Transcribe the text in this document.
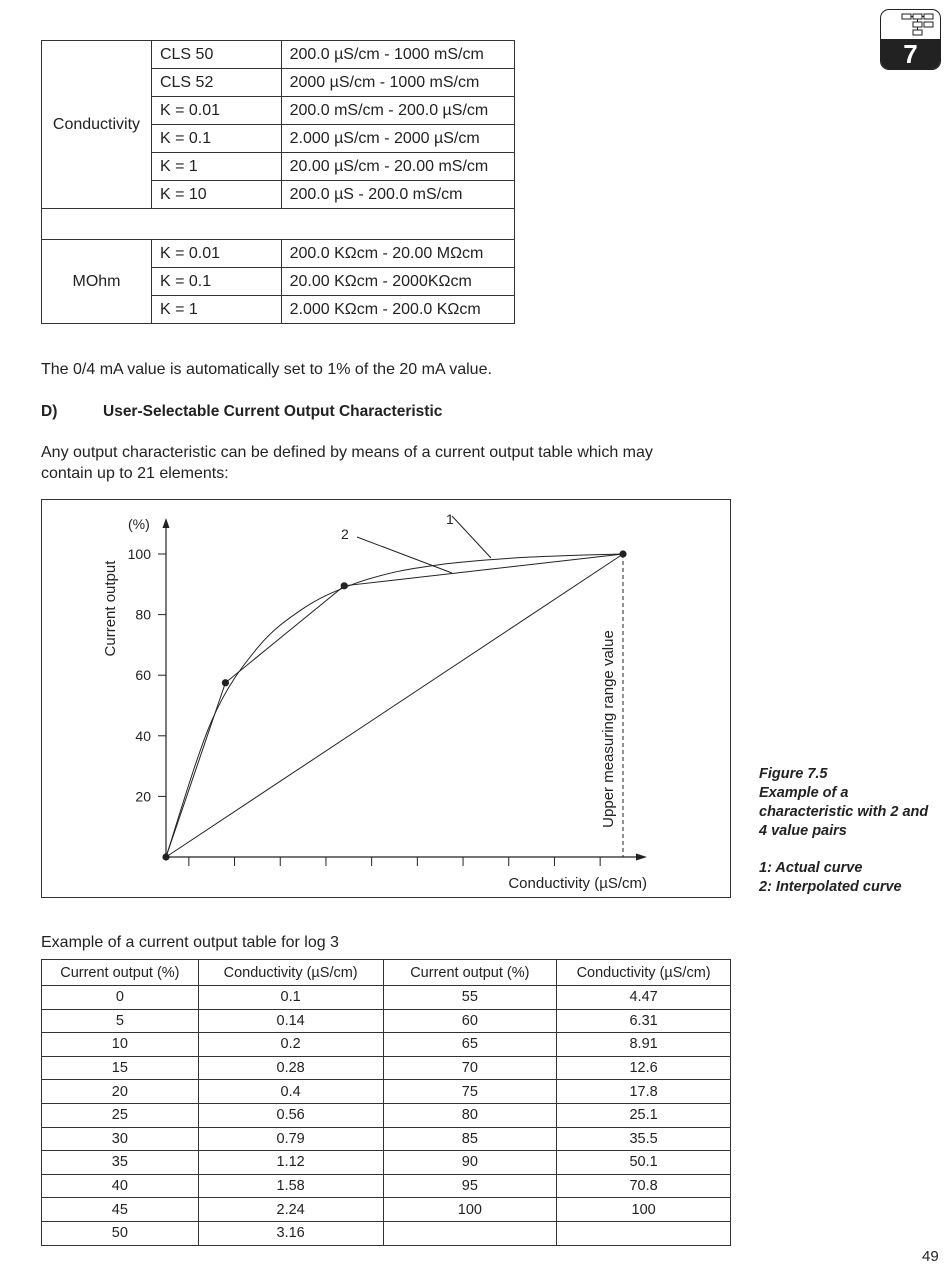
7
Conductivity	CLS 50	200.0 µS/cm - 1000 mS/cm
	CLS 52	2000 µS/cm - 1000 mS/cm
	K = 0.01	200.0 mS/cm - 200.0 µS/cm
	K = 0.1	2.000 µS/cm - 2000 µS/cm
	K = 1	20.00 µS/cm - 20.00 mS/cm
	K = 10	200.0 µS - 200.0 mS/cm

MOhm	K = 0.01	200.0 KΩcm - 20.00 MΩcm
	K = 0.1	20.00 KΩcm - 2000KΩcm
	K = 1	2.000 KΩcm - 200.0 KΩcm
The 0/4 mA value is automatically set to 1% of the 20 mA value.
D)	User-Selectable Current Output Characteristic
Any output characteristic can be defined by means of a current output table which may
contain up to 21 elements:
20
40
60
80
100
(%)
Current output
Conductivity (µS/cm)
Upper measuring range value
1
2
Figure 7.5
Example of a
characteristic with 2 and
4 value pairs
1: Actual curve
2: Interpolated curve
Example of a current output table for log 3
Current output (%)	Conductivity (µS/cm)	Current output (%)	Conductivity (µS/cm)
0	0.1	55	4.47
5	0.14	60	6.31
10	0.2	65	8.91
15	0.28	70	12.6
20	0.4	75	17.8
25	0.56	80	25.1
30	0.79	85	35.5
35	1.12	90	50.1
40	1.58	95	70.8
45	2.24	100	100
50	3.16		
49
